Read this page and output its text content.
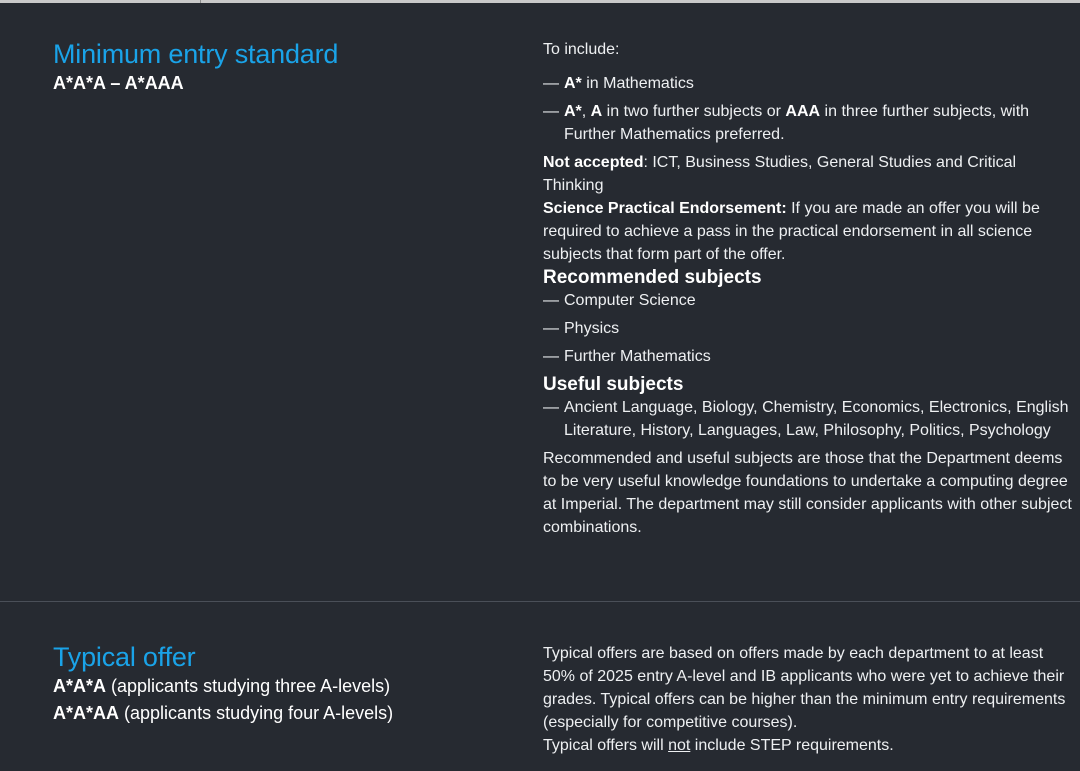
Minimum entry standard

A*A*A – A*AAA

To include:

— A* in Mathematics

— A*, A in two further subjects or AAA in three further subjects, with Further Mathematics preferred.

Not accepted: ICT, Business Studies, General Studies and Critical Thinking

Science Practical Endorsement: If you are made an offer you will be required to achieve a pass in the practical endorsement in all science subjects that form part of the offer.

Recommended subjects

— Computer Science

— Physics

— Further Mathematics

Useful subjects

— Ancient Language, Biology, Chemistry, Economics, Electronics, English Literature, History, Languages, Law, Philosophy, Politics, Psychology

Recommended and useful subjects are those that the Department deems to be very useful knowledge foundations to undertake a computing degree at Imperial. The department may still consider applicants with other subject combinations.

Typical offer

A*A*A (applicants studying three A-levels)

A*A*AA (applicants studying four A-levels)

Typical offers are based on offers made by each department to at least 50% of 2025 entry A-level and IB applicants who were yet to achieve their grades. Typical offers can be higher than the minimum entry requirements (especially for competitive courses).

Typical offers will not include STEP requirements.
